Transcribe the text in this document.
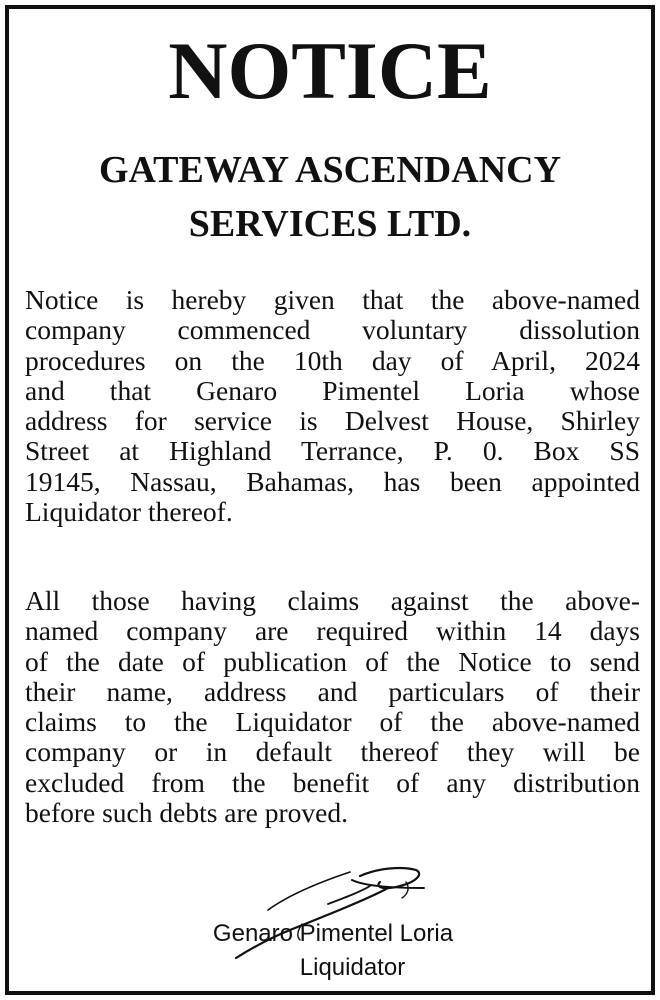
NOTICE
GATEWAY ASCENDANCY
SERVICES LTD.
Notice is hereby given that the above-named
company commenced voluntary dissolution
procedures on the 10th day of April, 2024
and that Genaro Pimentel Loria whose
address for service is Delvest House, Shirley
Street at Highland Terrance, P. 0. Box SS
19145, Nassau, Bahamas, has been appointed
Liquidator thereof.
All those having claims against the above-
named company are required within 14 days
of the date of publication of the Notice to send
their name, address and particulars of their
claims to the Liquidator of the above-named
company or in default thereof they will be
excluded from the benefit of any distribution
before such debts are proved.
Genaro Pimentel Loria
Liquidator
